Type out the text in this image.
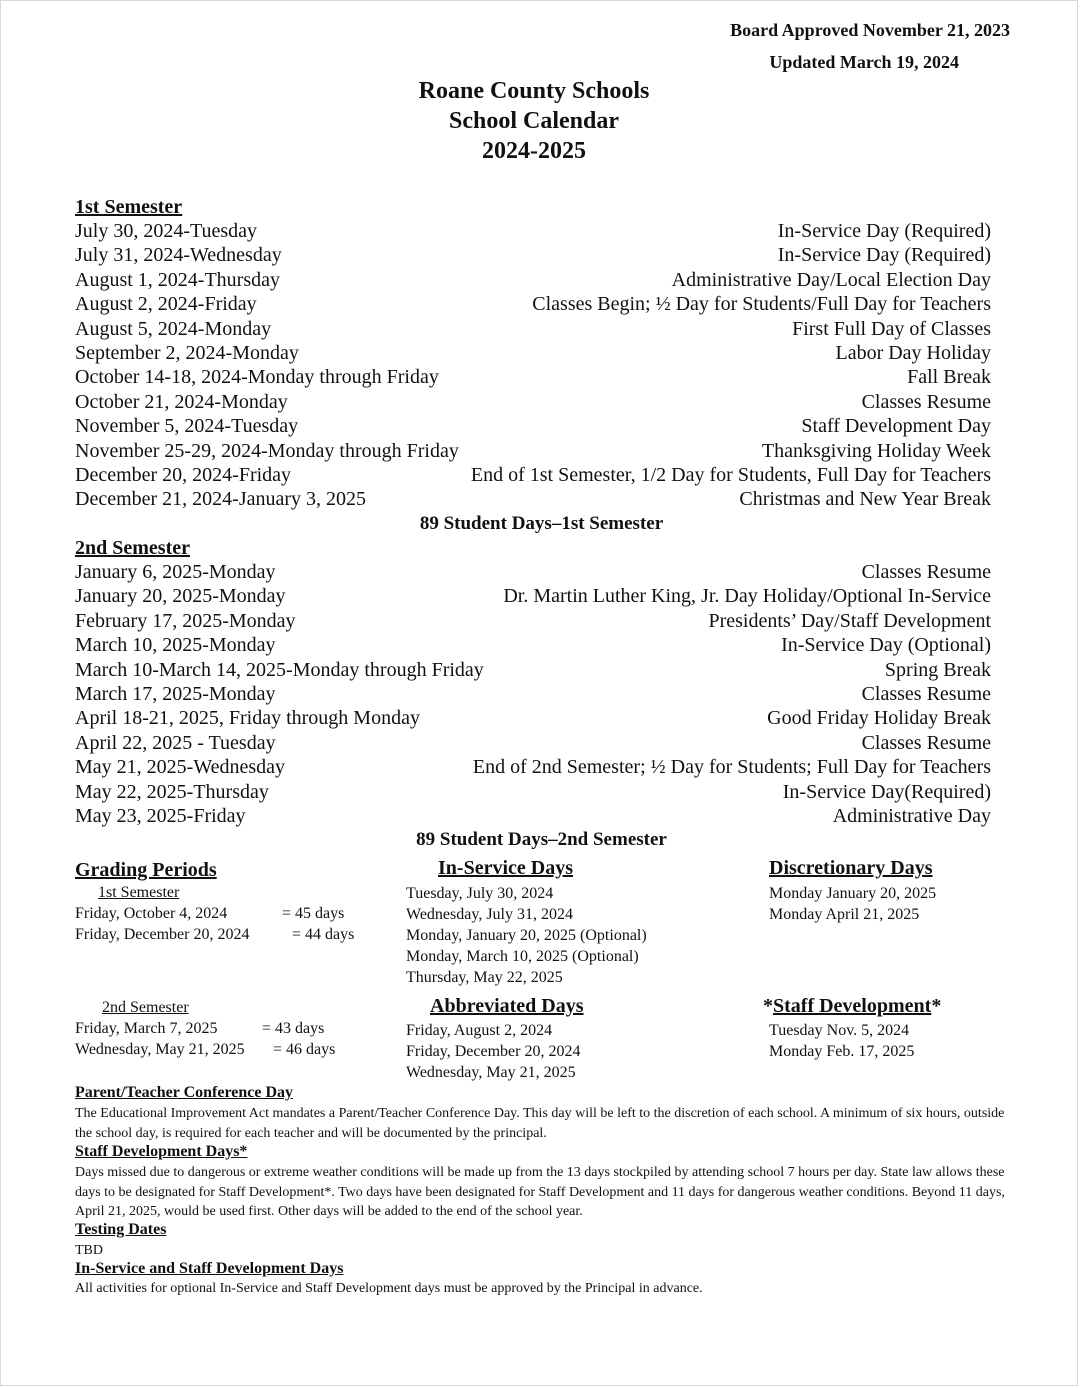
Board Approved November 21, 2023
Updated March 19, 2024
Roane County Schools
School Calendar
2024-2025
1st Semester
July 30, 2024-Tuesday	In-Service Day (Required)
July 31, 2024-Wednesday	In-Service Day (Required)
August 1, 2024-Thursday	Administrative Day/Local Election Day
August 2, 2024-Friday	Classes Begin; ½ Day for Students/Full Day for Teachers
August 5, 2024-Monday	First Full Day of Classes
September 2, 2024-Monday	Labor Day Holiday
October 14-18, 2024-Monday through Friday	Fall Break
October 21, 2024-Monday	Classes Resume
November 5, 2024-Tuesday	Staff Development Day
November 25-29, 2024-Monday through Friday	Thanksgiving Holiday Week
December 20, 2024-Friday	End of 1st Semester, 1/2 Day for Students, Full Day for Teachers
December 21, 2024-January 3, 2025	Christmas and New Year Break
89 Student Days–1st Semester
2nd Semester
January 6, 2025-Monday	Classes Resume
January 20, 2025-Monday	Dr. Martin Luther King, Jr. Day Holiday/Optional In-Service
February 17, 2025-Monday	Presidents’ Day/Staff Development
March 10, 2025-Monday	In-Service Day (Optional)
March 10-March 14, 2025-Monday through Friday	Spring Break
March 17, 2025-Monday	Classes Resume
April 18-21, 2025, Friday through Monday	Good Friday Holiday Break
April 22, 2025 - Tuesday	Classes Resume
May 21, 2025-Wednesday	End of 2nd Semester; ½ Day for Students; Full Day for Teachers
May 22, 2025-Thursday	In-Service Day(Required)
May 23, 2025-Friday	Administrative Day
89 Student Days–2nd Semester
Grading Periods
1st Semester
Friday, October 4, 2024	= 45 days
Friday, December 20, 2024	= 44 days
2nd Semester
Friday, March 7, 2025	= 43 days
Wednesday, May 21, 2025 = 46 days
In-Service Days
Tuesday, July 30, 2024
Wednesday, July 31, 2024
Monday, January 20, 2025 (Optional)
Monday, March 10, 2025 (Optional)
Thursday, May 22, 2025
Abbreviated Days
Friday, August 2, 2024
Friday, December 20, 2024
Wednesday, May 21, 2025
Discretionary Days
Monday January 20, 2025
Monday April 21, 2025
*Staff Development*
Tuesday Nov. 5, 2024
Monday Feb. 17, 2025
Parent/Teacher Conference Day
The Educational Improvement Act mandates a Parent/Teacher Conference Day. This day will be left to the discretion of each school. A minimum of six hours, outside the school day, is required for each teacher and will be documented by the principal.
Staff Development Days*
Days missed due to dangerous or extreme weather conditions will be made up from the 13 days stockpiled by attending school 7 hours per day. State law allows these days to be designated for Staff Development*. Two days have been designated for Staff Development and 11 days for dangerous weather conditions. Beyond 11 days, April 21, 2025, would be used first. Other days will be added to the end of the school year.
Testing Dates
TBD
In-Service and Staff Development Days
All activities for optional In-Service and Staff Development days must be approved by the Principal in advance.
